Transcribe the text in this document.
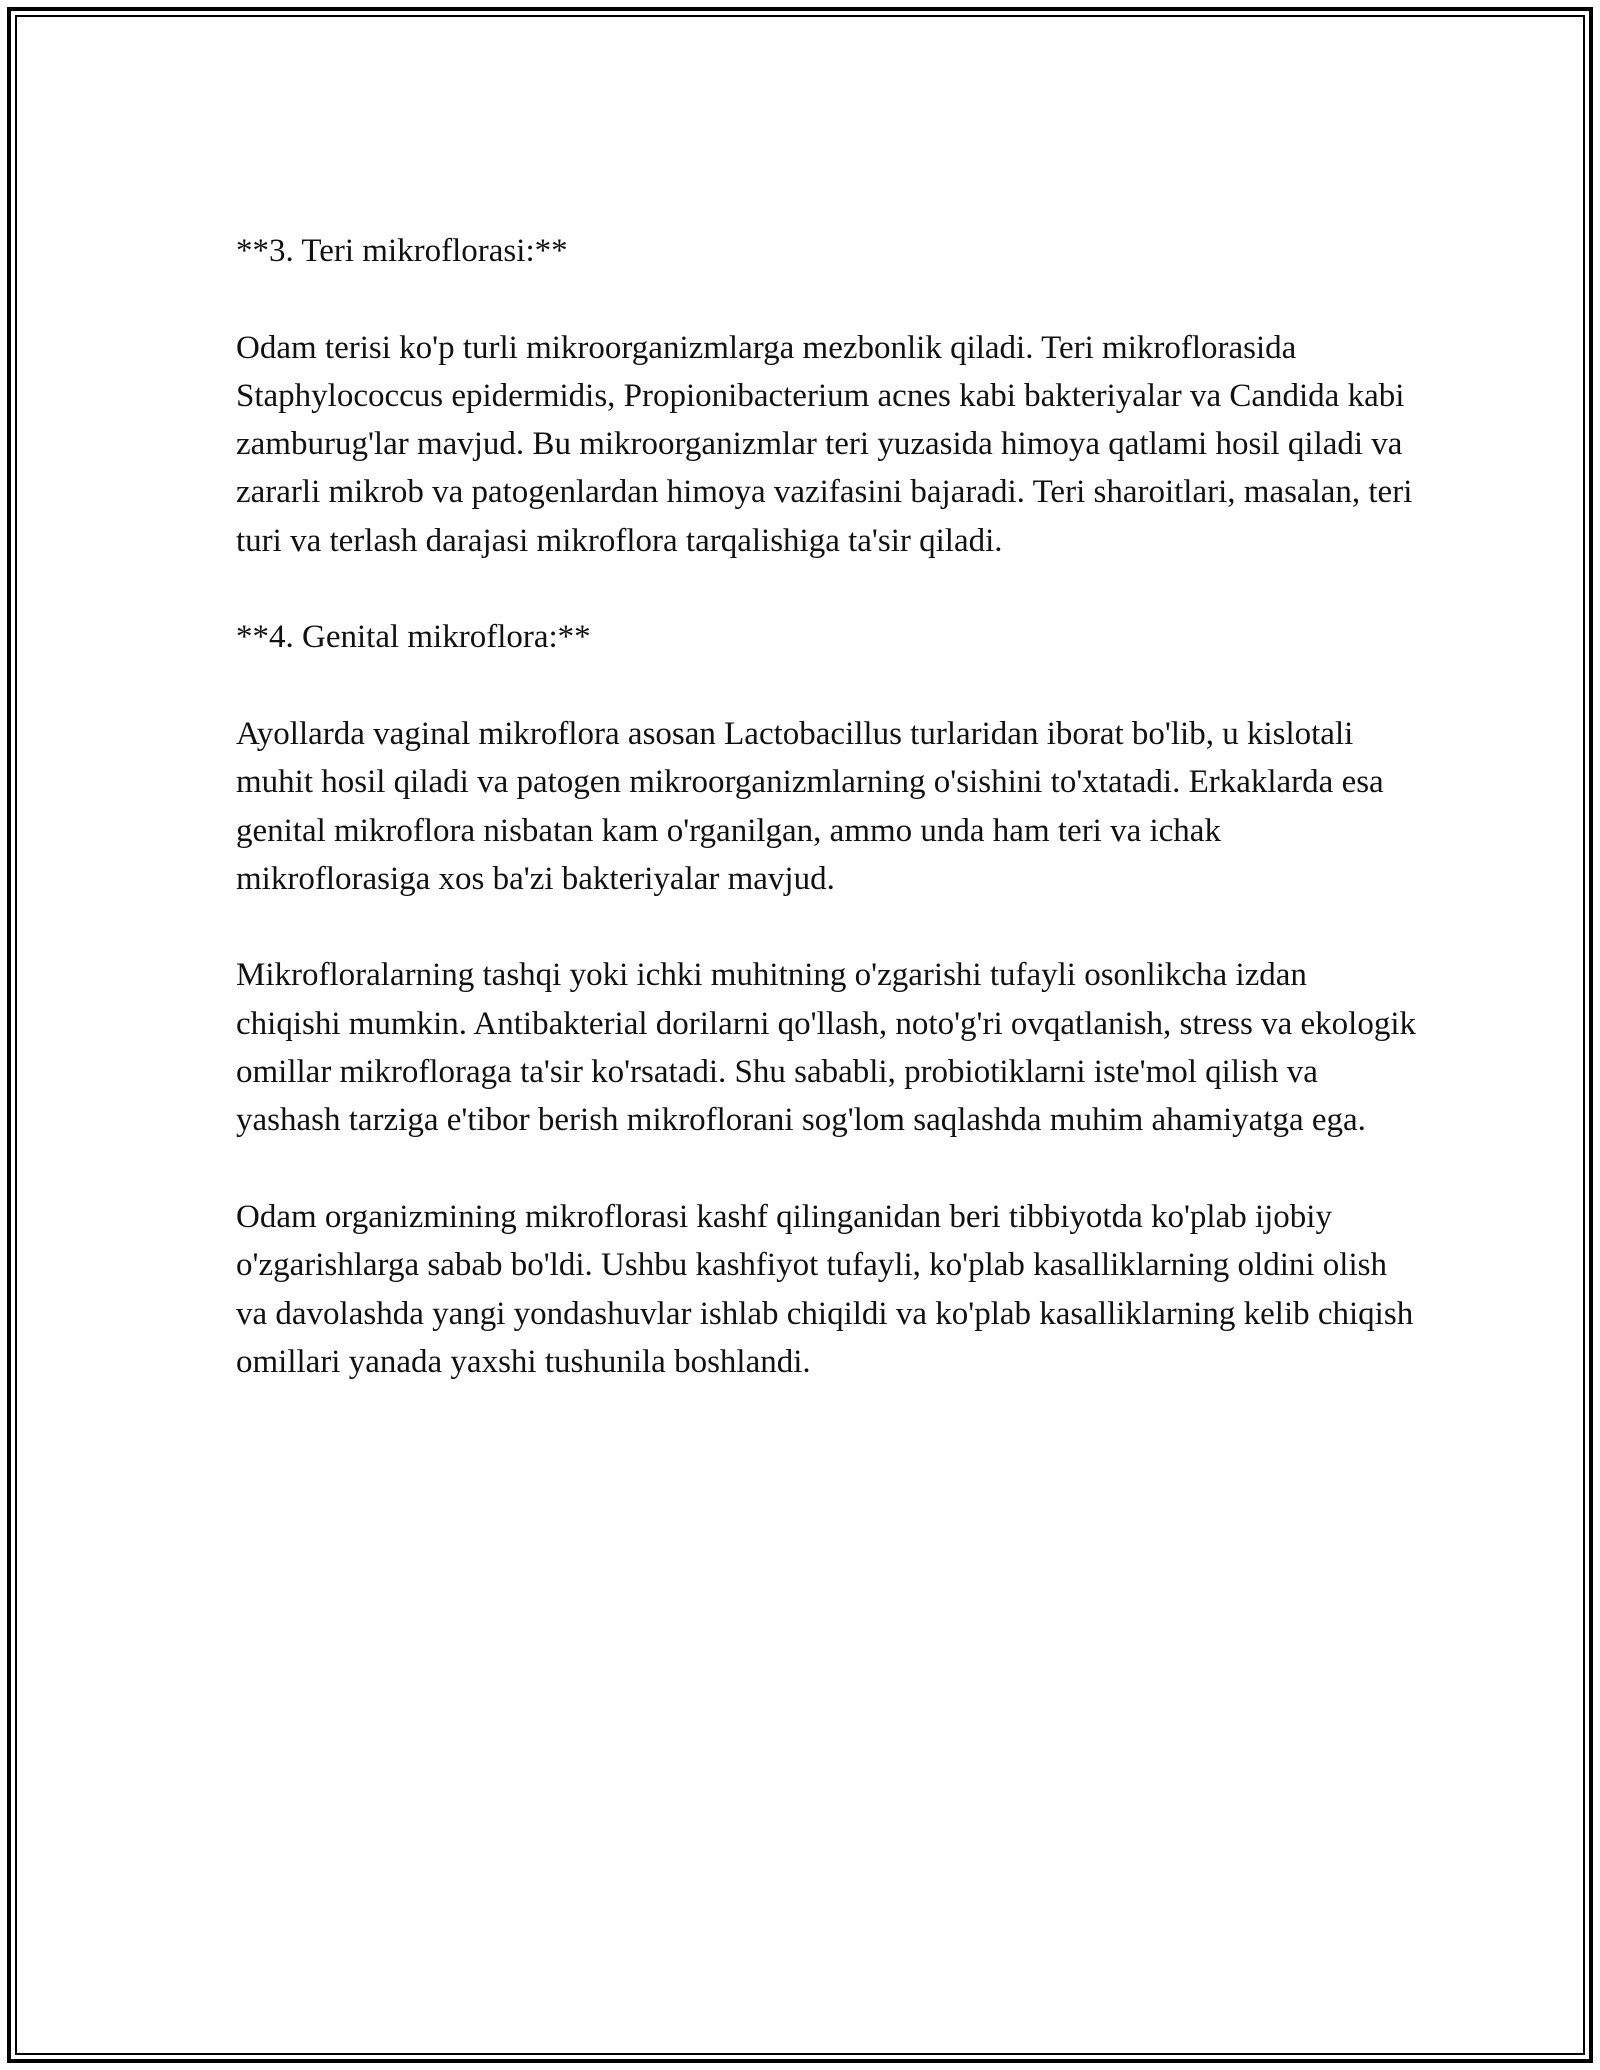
**3. Teri mikroflorasi:**

Odam terisi ko'p turli mikroorganizmlarga mezbonlik qiladi. Teri mikroflorasida Staphylococcus epidermidis, Propionibacterium acnes kabi bakteriyalar va Candida kabi zamburug'lar mavjud. Bu mikroorganizmlar teri yuzasida himoya qatlami hosil qiladi va zararli mikrob va patogenlardan himoya vazifasini bajaradi. Teri sharoitlari, masalan, teri turi va terlash darajasi mikroflora tarqalishiga ta'sir qiladi.

**4. Genital mikroflora:**

Ayollarda vaginal mikroflora asosan Lactobacillus turlaridan iborat bo'lib, u kislotali muhit hosil qiladi va patogen mikroorganizmlarning o'sishini to'xtatadi. Erkaklarda esa genital mikroflora nisbatan kam o'rganilgan, ammo unda ham teri va ichak mikroflorasiga xos ba'zi bakteriyalar mavjud.

Mikrofloralarning tashqi yoki ichki muhitning o'zgarishi tufayli osonlikcha izdan chiqishi mumkin. Antibakterial dorilarni qo'llash, noto'g'ri ovqatlanish, stress va ekologik omillar mikrofloraga ta'sir ko'rsatadi. Shu sababli, probiotiklarni iste'mol qilish va yashash tarziga e'tibor berish mikroflorani sog'lom saqlashda muhim ahamiyatga ega.

Odam organizmining mikroflorasi kashf qilinganidan beri tibbiyotda ko'plab ijobiy o'zgarishlarga sabab bo'ldi. Ushbu kashfiyot tufayli, ko'plab kasalliklarning oldini olish va davolashda yangi yondashuvlar ishlab chiqildi va ko'plab kasalliklarning kelib chiqish omillari yanada yaxshi tushunila boshlandi.
